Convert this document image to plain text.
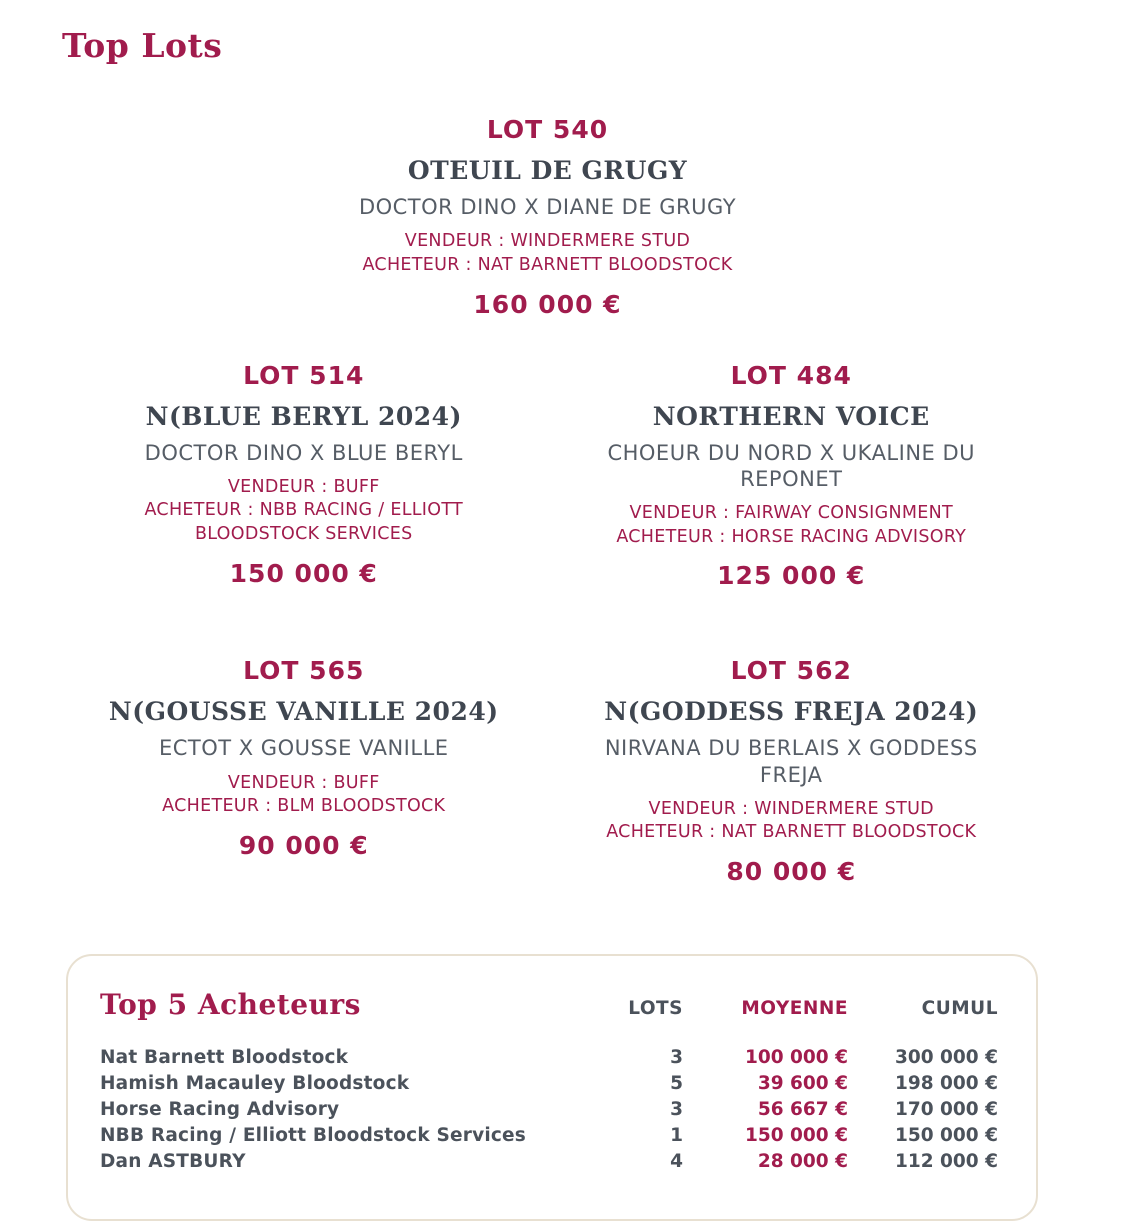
Top Lots
LOT 540
OTEUIL DE GRUGY
DOCTOR DINO X DIANE DE GRUGY
VENDEUR : WINDERMERE STUD
ACHETEUR : NAT BARNETT BLOODSTOCK
160 000 €
LOT 514
N(BLUE BERYL 2024)
DOCTOR DINO X BLUE BERYL
VENDEUR : BUFF
ACHETEUR : NBB RACING / ELLIOTT BLOODSTOCK SERVICES
150 000 €
LOT 484
NORTHERN VOICE
CHOEUR DU NORD X UKALINE DU REPONET
VENDEUR : FAIRWAY CONSIGNMENT
ACHETEUR : HORSE RACING ADVISORY
125 000 €
LOT 565
N(GOUSSE VANILLE 2024)
ECTOT X GOUSSE VANILLE
VENDEUR : BUFF
ACHETEUR : BLM BLOODSTOCK
90 000 €
LOT 562
N(GODDESS FREJA 2024)
NIRVANA DU BERLAIS X GODDESS FREJA
VENDEUR : WINDERMERE STUD
ACHETEUR : NAT BARNETT BLOODSTOCK
80 000 €
Top 5 Acheteurs	LOTS	MOYENNE	CUMUL
Nat Barnett Bloodstock	3	100 000 €	300 000 €
Hamish Macauley Bloodstock	5	39 600 €	198 000 €
Horse Racing Advisory	3	56 667 €	170 000 €
NBB Racing / Elliott Bloodstock Services	1	150 000 €	150 000 €
Dan ASTBURY	4	28 000 €	112 000 €
